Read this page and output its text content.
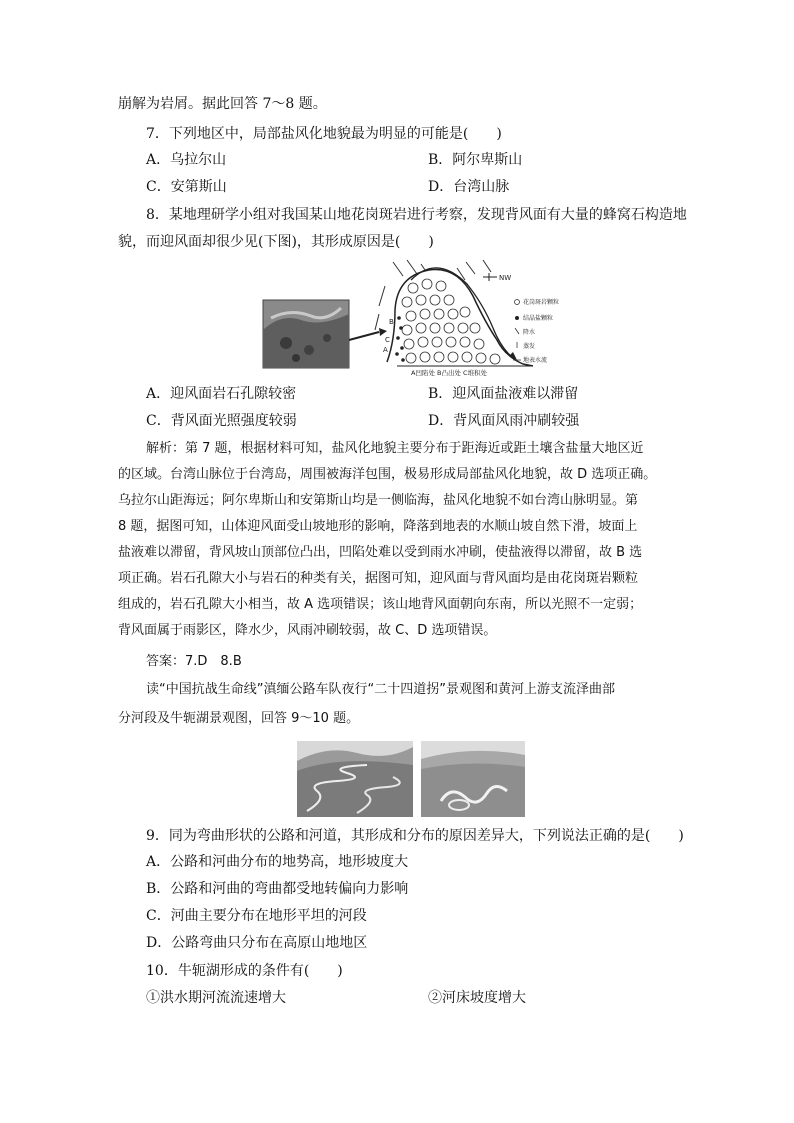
崩解为岩屑。据此回答 7～8 题。
7．下列地区中，局部盐风化地貌最为明显的可能是(　　)
A．乌拉尔山	B．阿尔卑斯山
C．安第斯山	D．台湾山脉
8．某地理研学小组对我国某山地花岗斑岩进行考察，发现背风面有大量的蜂窝石构造地
貌，而迎风面却很少见(下图)，其形成原因是(　　)
A
B
C
NW
花岗斑岩颗粒
结晶盐颗粒
降水
蒸发
地表水流
A凹陷处 B凸出处 C堆积处
A．迎风面岩石孔隙较密	B．迎风面盐液难以滞留
C．背风面光照强度较弱	D．背风面风雨冲刷较强
解析：第 7 题，根据材料可知，盐风化地貌主要分布于距海近或距土壤含盐量大地区近
的区域。台湾山脉位于台湾岛，周围被海洋包围，极易形成局部盐风化地貌，故 D 选项正确。
乌拉尔山距海远；阿尔卑斯山和安第斯山均是一侧临海，盐风化地貌不如台湾山脉明显。第
8 题，据图可知，山体迎风面受山坡地形的影响，降落到地表的水顺山坡自然下滑，坡面上
盐液难以滞留，背风坡山顶部位凸出，凹陷处难以受到雨水冲刷，使盐液得以滞留，故 B 选
项正确。岩石孔隙大小与岩石的种类有关，据图可知，迎风面与背风面均是由花岗斑岩颗粒
组成的，岩石孔隙大小相当，故 A 选项错误；该山地背风面朝向东南，所以光照不一定弱；
背风面属于雨影区，降水少，风雨冲刷较弱，故 C、D 选项错误。
答案：7.D　8.B
读“中国抗战生命线”滇缅公路车队夜行“二十四道拐”景观图和黄河上游支流泽曲部
分河段及牛轭湖景观图，回答 9～10 题。
9．同为弯曲形状的公路和河道，其形成和分布的原因差异大，下列说法正确的是(　　)
A．公路和河曲分布的地势高，地形坡度大
B．公路和河曲的弯曲都受地转偏向力影响
C．河曲主要分布在地形平坦的河段
D．公路弯曲只分布在高原山地地区
10．牛轭湖形成的条件有(　　)
①洪水期河流流速增大	②河床坡度增大
